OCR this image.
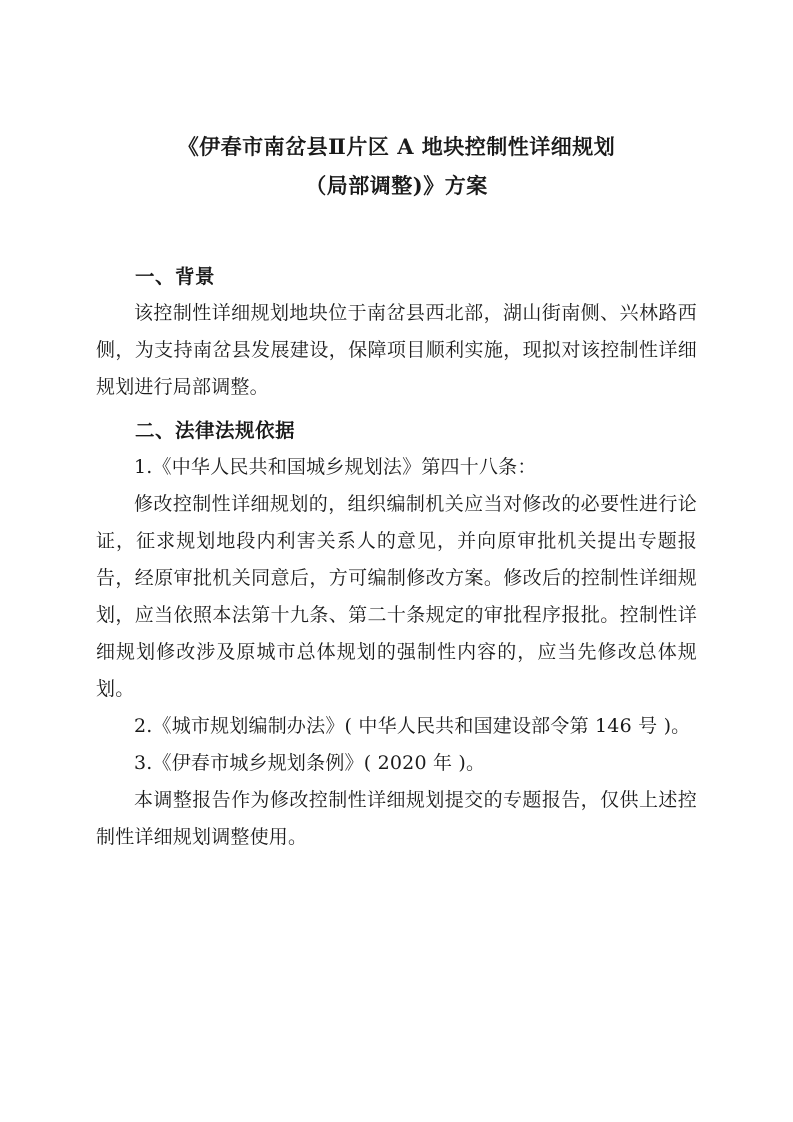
《伊春市南岔县Ⅱ片区 A 地块控制性详细规划
（局部调整)》方案
一、背景

该控制性详细规划地块位于南岔县西北部，湖山街南侧、兴林路西侧，为支持南岔县发展建设，保障项目顺利实施，现拟对该控制性详细规划进行局部调整。

二、法律法规依据

1.《中华人民共和国城乡规划法》第四十八条：

修改控制性详细规划的，组织编制机关应当对修改的必要性进行论证，征求规划地段内利害关系人的意见，并向原审批机关提出专题报告，经原审批机关同意后，方可编制修改方案。修改后的控制性详细规划，应当依照本法第十九条、第二十条规定的审批程序报批。控制性详细规划修改涉及原城市总体规划的强制性内容的，应当先修改总体规划。

2.《城市规划编制办法》( 中华人民共和国建设部令第 146 号 )。

3.《伊春市城乡规划条例》( 2020 年 )。

本调整报告作为修改控制性详细规划提交的专题报告，仅供上述控制性详细规划调整使用。
